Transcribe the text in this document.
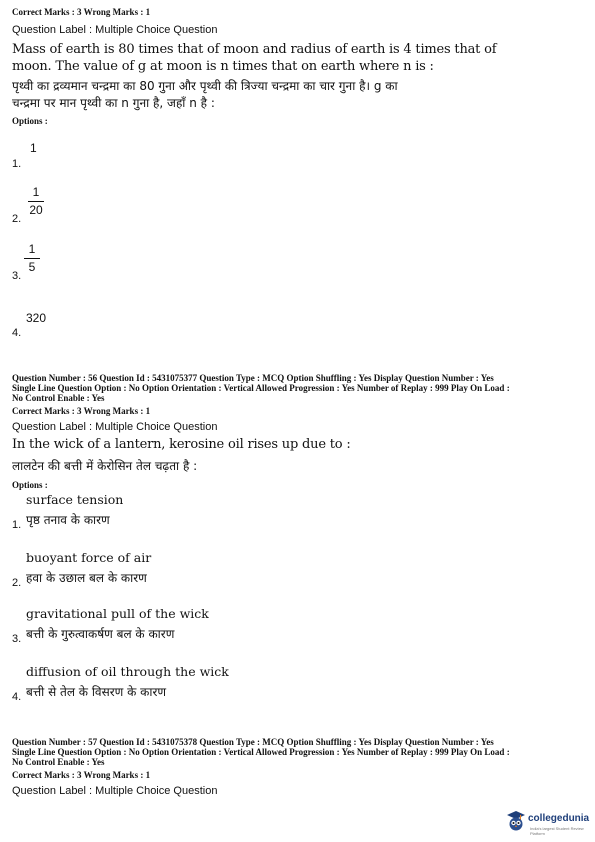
Correct Marks : 3 Wrong Marks : 1
Question Label : Multiple Choice Question
Mass of earth is 80 times that of moon and radius of earth is 4 times that of
moon. The value of g at moon is n times that on earth where n is :
पृथ्वी का द्रव्यमान चन्द्रमा का 80 गुना और पृथ्वी की त्रिज्या चन्द्रमा का चार गुना है। g का
चन्द्रमा पर मान पृथ्वी का n गुना है, जहाँ n है :
Options :
1
1.
1
20
2.
1
5
3.
320
4.
Question Number : 56 Question Id : 5431075377 Question Type : MCQ Option Shuffling : Yes Display Question Number : Yes
Single Line Question Option : No Option Orientation : Vertical Allowed Progression : Yes Number of Replay : 999 Play On Load :
No Control Enable : Yes
Correct Marks : 3 Wrong Marks : 1
Question Label : Multiple Choice Question
In the wick of a lantern, kerosine oil rises up due to :
लालटेन की बत्ती में केरोसिन तेल चढ़ता है :
Options :
surface tension
पृष्ठ तनाव के कारण
1.
buoyant force of air
हवा के उछाल बल के कारण
2.
gravitational pull of the wick
बत्ती के गुरुत्वाकर्षण बल के कारण
3.
diffusion of oil through the wick
बत्ती से तेल के विसरण के कारण
4.
Question Number : 57 Question Id : 5431075378 Question Type : MCQ Option Shuffling : Yes Display Question Number : Yes
Single Line Question Option : No Option Orientation : Vertical Allowed Progression : Yes Number of Replay : 999 Play On Load :
No Control Enable : Yes
Correct Marks : 3 Wrong Marks : 1
Question Label : Multiple Choice Question
collegedunia
India's largest Student Review Platform
